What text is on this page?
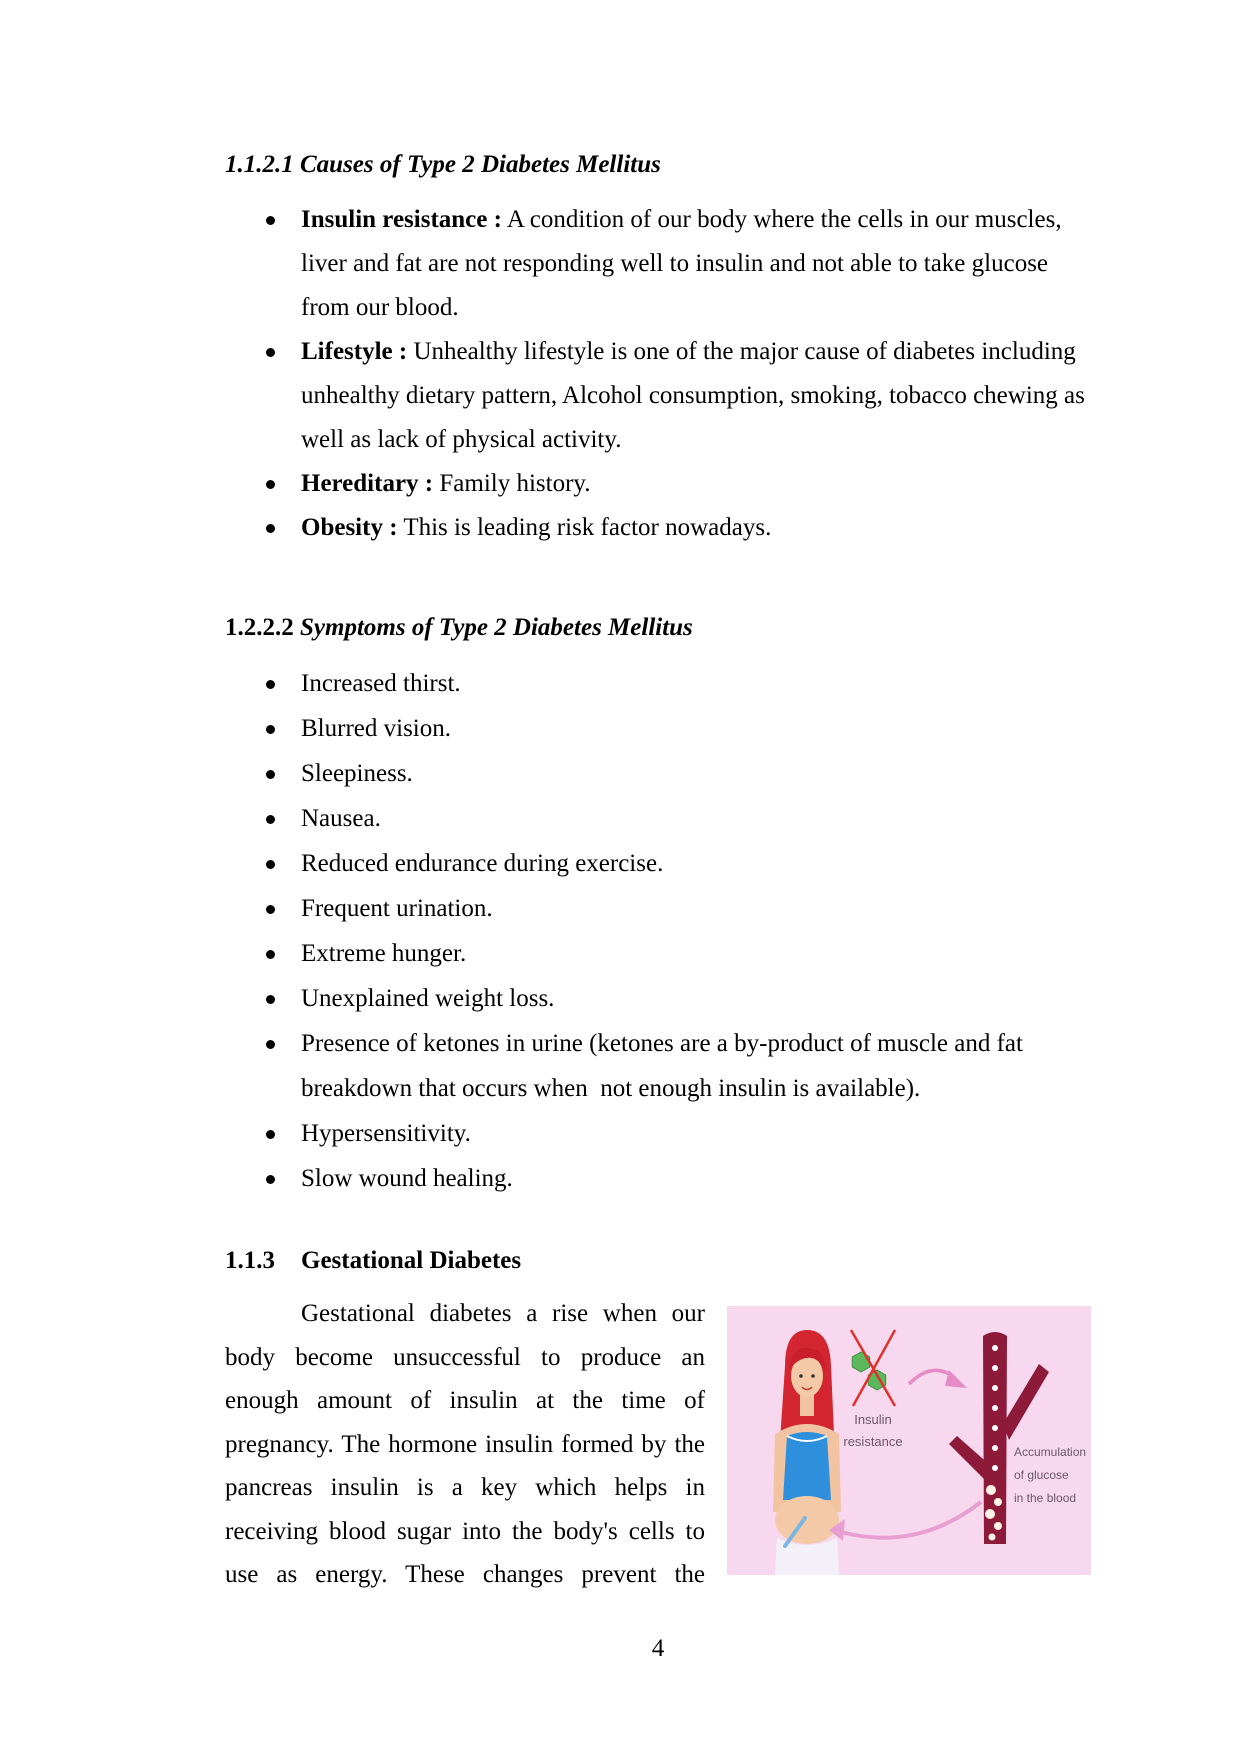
1.1.2.1 Causes of Type 2 Diabetes Mellitus
Insulin resistance : A condition of our body where the cells in our muscles, liver and fat are not responding well to insulin and not able to take glucose from our blood.
Lifestyle : Unhealthy lifestyle is one of the major cause of diabetes including unhealthy dietary pattern, Alcohol consumption, smoking, tobacco chewing as well as lack of physical activity.
Hereditary : Family history.
Obesity : This is leading risk factor nowadays.
1.2.2.2 Symptoms of Type 2 Diabetes Mellitus
Increased thirst.
Blurred vision.
Sleepiness.
Nausea.
Reduced endurance during exercise.
Frequent urination.
Extreme hunger.
Unexplained weight loss.
Presence of ketones in urine (ketones are a by-product of muscle and fat breakdown that occurs when  not enough insulin is available).
Hypersensitivity.
Slow wound healing.
1.1.3 Gestational Diabetes

Gestational diabetes a rise when our body become unsuccessful to produce an enough amount of insulin at the time of pregnancy. The hormone insulin formed by the pancreas insulin is a key which helps in receiving blood sugar into the body's cells to use as energy. These changes prevent the

Insulin
resistance
Accumulation
of glucose
in the blood
4
